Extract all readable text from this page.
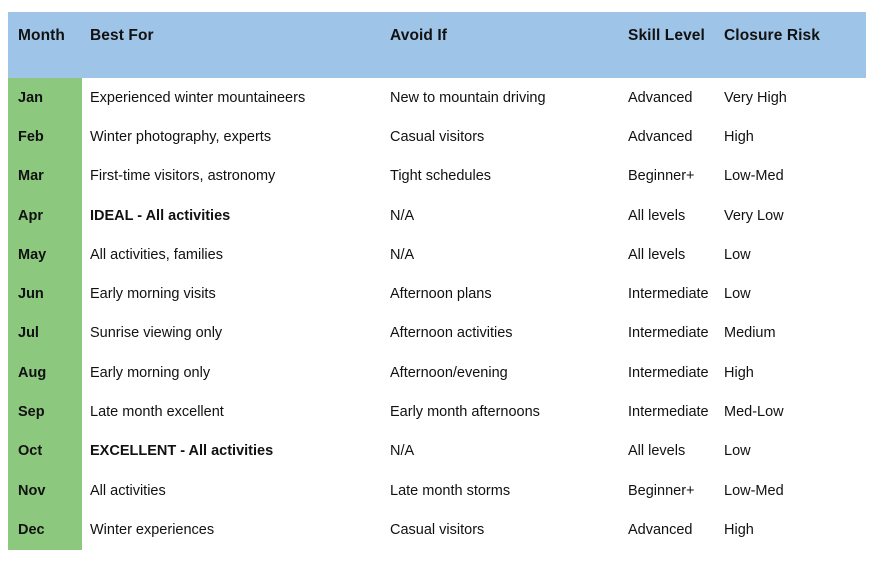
Month	Best For	Avoid If	Skill Level	Closure Risk
Jan	Experienced winter mountaineers	New to mountain driving	Advanced	Very High
Feb	Winter photography, experts	Casual visitors	Advanced	High
Mar	First-time visitors, astronomy	Tight schedules	Beginner+	Low-Med
Apr	IDEAL - All activities	N/A	All levels	Very Low
May	All activities, families	N/A	All levels	Low
Jun	Early morning visits	Afternoon plans	Intermediate	Low
Jul	Sunrise viewing only	Afternoon activities	Intermediate	Medium
Aug	Early morning only	Afternoon/evening	Intermediate	High
Sep	Late month excellent	Early month afternoons	Intermediate	Med-Low
Oct	EXCELLENT - All activities	N/A	All levels	Low
Nov	All activities	Late month storms	Beginner+	Low-Med
Dec	Winter experiences	Casual visitors	Advanced	High
